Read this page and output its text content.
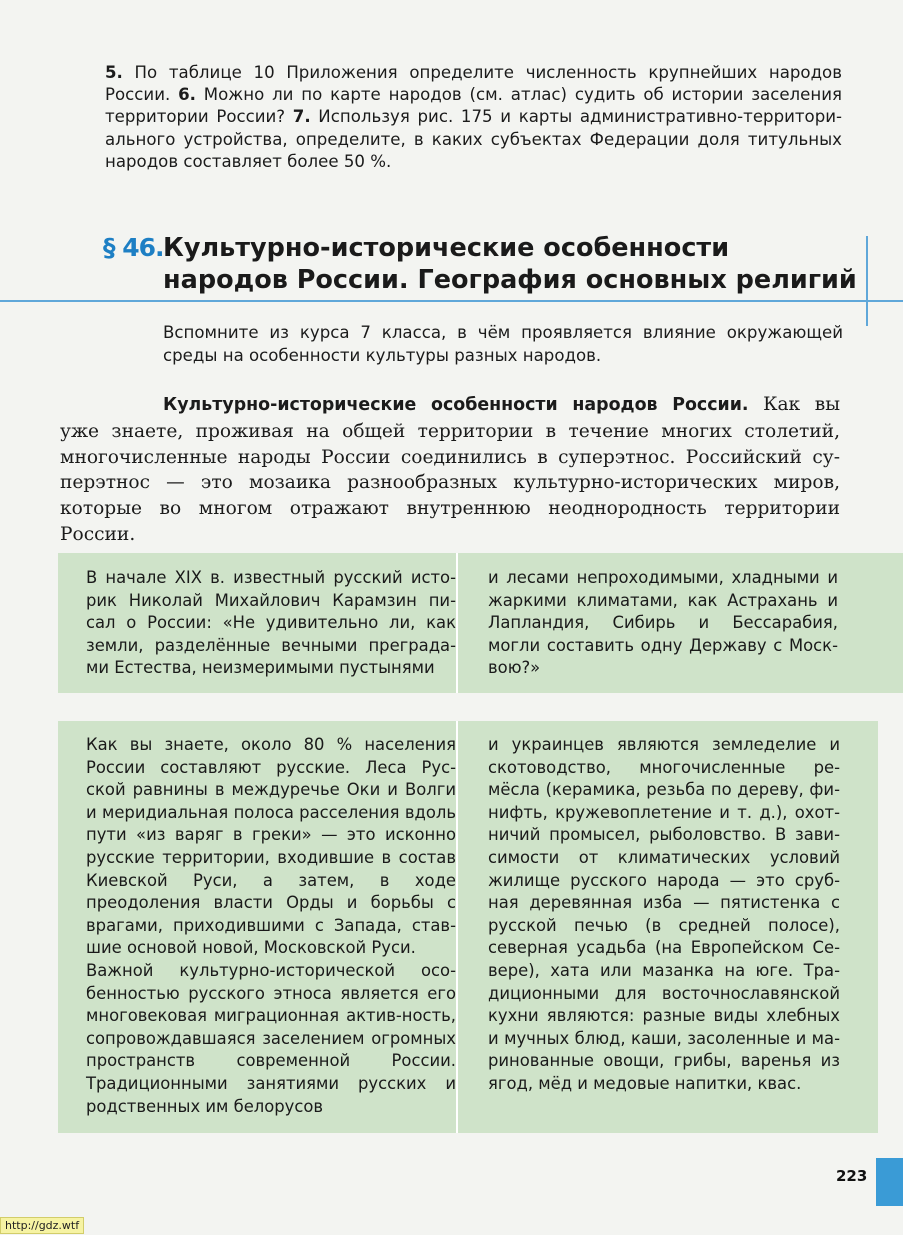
5. По таблице 10 Приложения определите численность крупнейших народов России. 6. Можно ли по карте народов (см. атлас) судить об истории заселения территории России? 7. Используя рис. 175 и карты административно-территори-ального устройства, определите, в каких субъектах Федерации доля титульных народов составляет более 50 %.
§ 46. Культурно-исторические особенности
народов России. География основных религий
Вспомните из курса 7 класса, в чём проявляется влияние окружающей среды на особенности культуры разных народов.

Культурно-исторические особенности народов России. Как вы уже знаете, проживая на общей территории в течение многих столетий, многочисленные народы России соединились в суперэтнос. Российский су-перэтнос — это мозаика разнообразных культурно-исторических миров, которые во многом отражают внутреннюю неоднородность территории России.

В начале XIX в. известный русский исто-рик Николай Михайлович Карамзин пи-сал о России: «Не удивительно ли, как земли, разделённые вечными преграда-ми Естества, неизмеримыми пустынями
и лесами непроходимыми, хладными и жаркими климатами, как Астрахань и Лапландия, Сибирь и Бессарабия, могли составить одну Державу с Моск-вою?»

Как вы знаете, около 80 % населения России составляют русские. Леса Рус-ской равнины в междуречье Оки и Волги и меридиальная полоса расселения вдоль пути «из варяг в греки» — это исконно русские территории, входившие в состав Киевской Руси, а затем, в ходе преодоления власти Орды и борьбы с врагами, приходившими с Запада, став-шие основой новой, Московской Руси.

Важной культурно-исторической осо-бенностью русского этноса является его многовековая миграционная актив-ность, сопровождавшаяся заселением огромных пространств современной России. Традиционными занятиями русских и родственных им белорусов

и украинцев являются земледелие и скотоводство, многочисленные ре-мёсла (керамика, резьба по дереву, фи-нифть, кружевоплетение и т. д.), охот-ничий промысел, рыболовство. В зави-симости от климатических условий жилище русского народа — это сруб-ная деревянная изба — пятистенка с русской печью (в средней полосе), северная усадьба (на Европейском Се-вере), хата или мазанка на юге. Тра-диционными для восточнославянской кухни являются: разные виды хлебных и мучных блюд, каши, засоленные и ма-ринованные овощи, грибы, варенья из ягод, мёд и медовые напитки, квас.
223
http://gdz.wtf
